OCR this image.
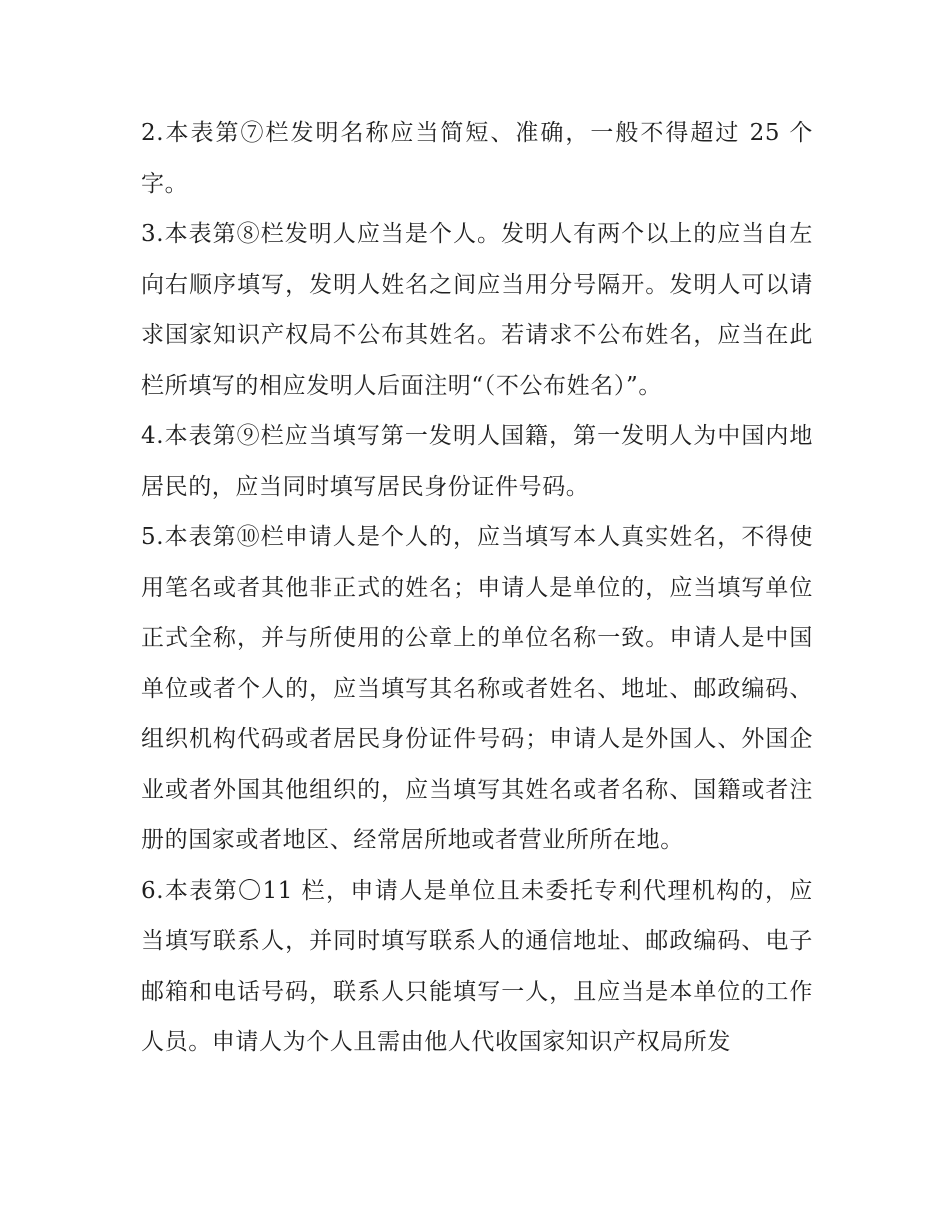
2.本表第⑦栏发明名称应当简短、准确，一般不得超过 25 个字。

3.本表第⑧栏发明人应当是个人。发明人有两个以上的应当自左向右顺序填写，发明人姓名之间应当用分号隔开。发明人可以请求国家知识产权局不公布其姓名。若请求不公布姓名，应当在此栏所填写的相应发明人后面注明“（不公布姓名）”。

4.本表第⑨栏应当填写第一发明人国籍，第一发明人为中国内地居民的，应当同时填写居民身份证件号码。

5.本表第⑩栏申请人是个人的，应当填写本人真实姓名，不得使用笔名或者其他非正式的姓名；申请人是单位的，应当填写单位正式全称，并与所使用的公章上的单位名称一致。申请人是中国单位或者个人的，应当填写其名称或者姓名、地址、邮政编码、组织机构代码或者居民身份证件号码；申请人是外国人、外国企业或者外国其他组织的，应当填写其姓名或者名称、国籍或者注册的国家或者地区、经常居所地或者营业所所在地。

6.本表第〇11 栏，申请人是单位且未委托专利代理机构的，应当填写联系人，并同时填写联系人的通信地址、邮政编码、电子邮箱和电话号码，联系人只能填写一人，且应当是本单位的工作人员。申请人为个人且需由他人代收国家知识产权局所发
